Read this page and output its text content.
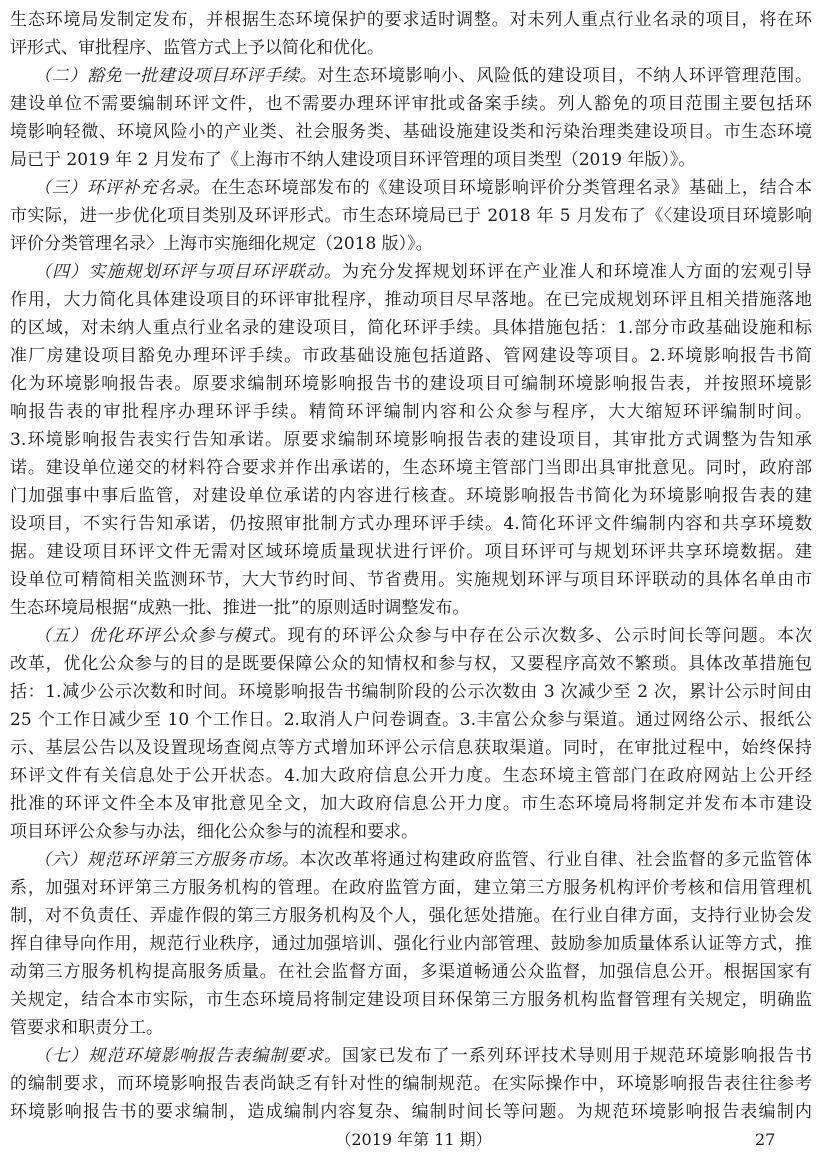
（2019 年第 11 期）	27
生态环境局发制定发布，并根据生态环境保护的要求适时调整。对未列人重点行业名录的项目，将在环
评形式、审批程序、监管方式上予以简化和优化。
（二）豁免一批建设项目环评手续。对生态环境影响小、风险低的建设项目，不纳人环评管理范围。
建设单位不需要编制环评文件，也不需要办理环评审批或备案手续。列人豁免的项目范围主要包括环
境影响轻微、环境风险小的产业类、社会服务类、基础设施建设类和污染治理类建设项目。市生态环境
局已于 2019 年 2 月发布了《上海市不纳人建设项目环评管理的项目类型（2019 年版）》。
（三）环评补充名录。在生态环境部发布的《建设项目环境影响评价分类管理名录》基础上，结合本
市实际，进一步优化项目类别及环评形式。市生态环境局已于 2018 年 5 月发布了《〈建设项目环境影响
评价分类管理名录〉上海市实施细化规定（2018 版）》。
（四）实施规划环评与项目环评联动。为充分发挥规划环评在产业准人和环境准人方面的宏观引导
作用，大力简化具体建设项目的环评审批程序，推动项目尽早落地。在已完成规划环评且相关措施落地
的区域，对未纳人重点行业名录的建设项目，简化环评手续。具体措施包括：1.部分市政基础设施和标
准厂房建设项目豁免办理环评手续。市政基础设施包括道路、管网建设等项目。2.环境影响报告书简
化为环境影响报告表。原要求编制环境影响报告书的建设项目可编制环境影响报告表，并按照环境影
响报告表的审批程序办理环评手续。精简环评编制内容和公众参与程序，大大缩短环评编制时间。
3.环境影响报告表实行告知承诺。原要求编制环境影响报告表的建设项目，其审批方式调整为告知承
诺。建设单位递交的材料符合要求并作出承诺的，生态环境主管部门当即出具审批意见。同时，政府部
门加强事中事后监管，对建设单位承诺的内容进行核查。环境影响报告书简化为环境影响报告表的建
设项目，不实行告知承诺，仍按照审批制方式办理环评手续。4.简化环评文件编制内容和共享环境数
据。建设项目环评文件无需对区域环境质量现状进行评价。项目环评可与规划环评共享环境数据。建
设单位可精简相关监测环节，大大节约时间、节省费用。实施规划环评与项目环评联动的具体名单由市
生态环境局根据“成熟一批、推进一批”的原则适时调整发布。
（五）优化环评公众参与模式。现有的环评公众参与中存在公示次数多、公示时间长等问题。本次
改革，优化公众参与的目的是既要保障公众的知情权和参与权，又要程序高效不繁琐。具体改革措施包
括：1.减少公示次数和时间。环境影响报告书编制阶段的公示次数由 3 次减少至 2 次，累计公示时间由
25 个工作日减少至 10 个工作日。2.取消人户问卷调查。3.丰富公众参与渠道。通过网络公示、报纸公
示、基层公告以及设置现场查阅点等方式增加环评公示信息获取渠道。同时，在审批过程中，始终保持
环评文件有关信息处于公开状态。4.加大政府信息公开力度。生态环境主管部门在政府网站上公开经
批准的环评文件全本及审批意见全文，加大政府信息公开力度。市生态环境局将制定并发布本市建设
项目环评公众参与办法，细化公众参与的流程和要求。
（六）规范环评第三方服务市场。本次改革将通过构建政府监管、行业自律、社会监督的多元监管体
系，加强对环评第三方服务机构的管理。在政府监管方面，建立第三方服务机构评价考核和信用管理机
制，对不负责任、弄虚作假的第三方服务机构及个人，强化惩处措施。在行业自律方面，支持行业协会发
挥自律导向作用，规范行业秩序，通过加强培训、强化行业内部管理、鼓励参加质量体系认证等方式，推
动第三方服务机构提高服务质量。在社会监督方面，多渠道畅通公众监督，加强信息公开。根据国家有
关规定，结合本市实际，市生态环境局将制定建设项目环保第三方服务机构监督管理有关规定，明确监
管要求和职责分工。
（七）规范环境影响报告表编制要求。国家已发布了一系列环评技术导则用于规范环境影响报告书
的编制要求，而环境影响报告表尚缺乏有针对性的编制规范。在实际操作中，环境影响报告表往往参考
环境影响报告书的要求编制，造成编制内容复杂、编制时间长等问题。为规范环境影响报告表编制内
